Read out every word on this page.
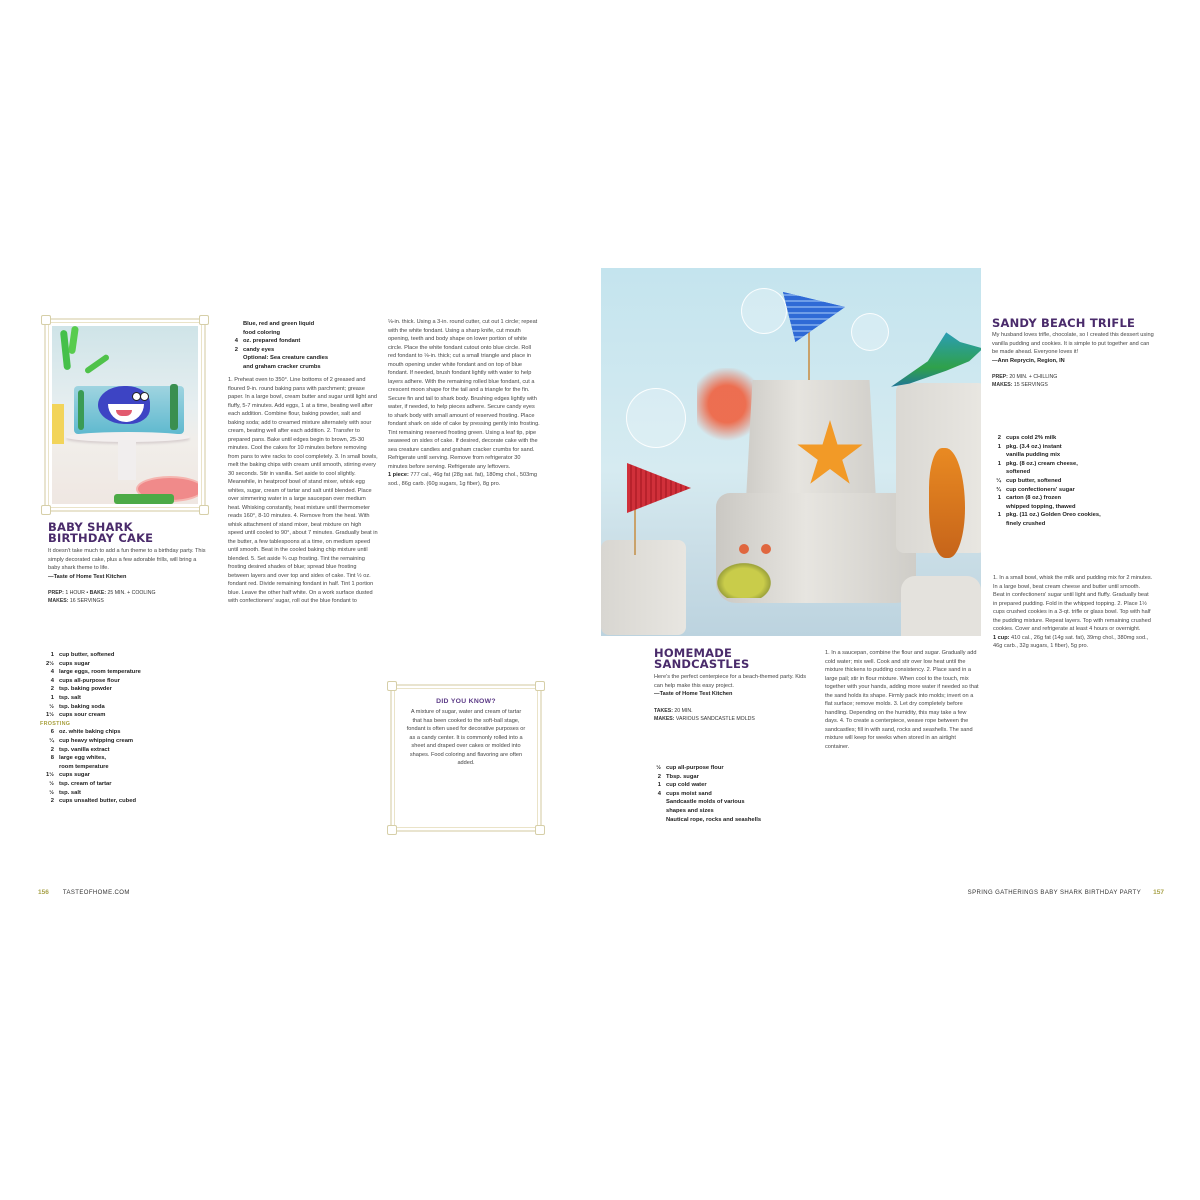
BABY SHARK
BIRTHDAY CAKE
It doesn't take much to add a fun theme to a birthday party. This simply decorated cake, plus a few adorable frills, will bring a baby shark theme to life.
—Taste of Home Test Kitchen
PREP: 1 HOUR • BAKE: 25 MIN. + COOLING
MAKES: 16 SERVINGS
1 cup butter, softened
2½ cups sugar
4 large eggs, room temperature
4 cups all-purpose flour
2 tsp. baking powder
1 tsp. salt
½ tsp. baking soda
1½ cups sour cream
FROSTING
6 oz. white baking chips
¼ cup heavy whipping cream
2 tsp. vanilla extract
8 large egg whites,
room temperature
1½ cups sugar
½ tsp. cream of tartar
½ tsp. salt
2 cups unsalted butter, cubed
Blue, red and green liquid
food coloring
4 oz. prepared fondant
2 candy eyes
Optional: Sea creature candies
and graham cracker crumbs
1. Preheat oven to 350°. Line bottoms of 2 greased and floured 9-in. round baking pans with parchment; grease paper. In a large bowl, cream butter and sugar until light and fluffy, 5-7 minutes. Add eggs, 1 at a time, beating well after each addition. Combine flour, baking powder, salt and baking soda; add to creamed mixture alternately with sour cream, beating well after each addition. 2. Transfer to prepared pans. Bake until edges begin to brown, 25-30 minutes. Cool the cakes for 10 minutes before removing from pans to wire racks to cool completely. 3. In small bowls, melt the baking chips with cream until smooth, stirring every 30 seconds. Stir in vanilla. Set aside to cool slightly. Meanwhile, in heatproof bowl of stand mixer, whisk egg whites, sugar, cream of tartar and salt until blended. Place over simmering water in a large saucepan over medium heat. Whisking constantly, heat mixture until thermometer reads 160°, 8-10 minutes. 4. Remove from the heat. With whisk attachment of stand mixer, beat mixture on high speed until cooled to 90°, about 7 minutes. Gradually beat in the butter, a few tablespoons at a time, on medium speed until smooth. Beat in the cooled baking chip mixture until blended. 5. Set aside ¾ cup frosting. Tint the remaining frosting desired shades of blue; spread blue frosting between layers and over top and sides of cake. Tint ½ oz. fondant red. Divide remaining fondant in half. Tint 1 portion blue. Leave the other half white. On a work surface dusted with confectioners' sugar, roll out the blue fondant to

⅛-in. thick. Using a 3-in. round cutter, cut out 1 circle; repeat with the white fondant. Using a sharp knife, cut mouth opening, teeth and body shape on lower portion of white circle. Place the white fondant cutout onto blue circle. Roll red fondant to ⅛-in. thick; cut a small triangle and place in mouth opening under white fondant and on top of blue fondant. If needed, brush fondant lightly with water to help layers adhere. With the remaining rolled blue fondant, cut a crescent moon shape for the tail and a triangle for the fin. Secure fin and tail to shark body. Brushing edges lightly with water, if needed, to help pieces adhere. Secure candy eyes to shark body with small amount of reserved frosting. Place fondant shark on side of cake by pressing gently into frosting. Tint remaining reserved frosting green. Using a leaf tip, pipe seaweed on sides of cake. If desired, decorate cake with the sea creature candies and graham cracker crumbs for sand. Refrigerate until serving. Remove from refrigerator 30 minutes before serving. Refrigerate any leftovers.

1 piece: 777 cal., 46g fat (28g sat. fat), 180mg chol., 503mg sod., 86g carb. (60g sugars, 1g fiber), 8g pro.

DID YOU KNOW?
A mixture of sugar, water and cream of tartar that has been cooked to the soft-ball stage, fondant is often used for decorative purposes or as a candy center. It is commonly rolled into a sheet and draped over cakes or molded into shapes. Food coloring and flavoring are often added.
156 TASTEOFHOME.COM
HOMEMADE
SANDCASTLES
Here's the perfect centerpiece for a beach-themed party. Kids can help make this easy project.
—Taste of Home Test Kitchen
TAKES: 20 MIN.
MAKES: VARIOUS SANDCASTLE MOLDS
½ cup all-purpose flour
2 Tbsp. sugar
1 cup cold water
4 cups moist sand
Sandcastle molds of various
shapes and sizes
Nautical rope, rocks and seashells
1. In a saucepan, combine the flour and sugar. Gradually add cold water; mix well. Cook and stir over low heat until the mixture thickens to pudding consistency. 2. Place sand in a large pail; stir in flour mixture. When cool to the touch, mix together with your hands, adding more water if needed so that the sand holds its shape. Firmly pack into molds; invert on a flat surface; remove molds. 3. Let dry completely before handling. Depending on the humidity, this may take a few days. 4. To create a centerpiece, weave rope between the sandcastles; fill in with sand, rocks and seashells. The sand mixture will keep for weeks when stored in an airtight container.
SANDY BEACH TRIFLE
My husband loves trifle, chocolate, so I created this dessert using vanilla pudding and cookies. It is simple to put together and can be made ahead. Everyone loves it!
—Ann Reprycin, Region, IN
PREP: 20 MIN. + CHILLING
MAKES: 15 SERVINGS
2 cups cold 2% milk
1 pkg. (3.4 oz.) instant
vanilla pudding mix
1 pkg. (8 oz.) cream cheese,
softened
¼ cup butter, softened
¾ cup confectioners' sugar
1 carton (8 oz.) frozen
whipped topping, thawed
1 pkg. (11 oz.) Golden Oreo cookies,
finely crushed

1. In a small bowl, whisk the milk and pudding mix for 2 minutes. In a large bowl, beat cream cheese and butter until smooth. Beat in confectioners' sugar until light and fluffy. Gradually beat in prepared pudding. Fold in the whipped topping. 2. Place 1½ cups crushed cookies in a 3-qt. trifle or glass bowl. Top with half the pudding mixture. Repeat layers. Top with remaining crushed cookies. Cover and refrigerate at least 4 hours or overnight.

1 cup: 410 cal., 26g fat (14g sat. fat), 39mg chol., 380mg sod., 46g carb., 32g sugars, 1 fiber), 5g pro.

SPRING GATHERINGS BABY SHARK BIRTHDAY PARTY 157
